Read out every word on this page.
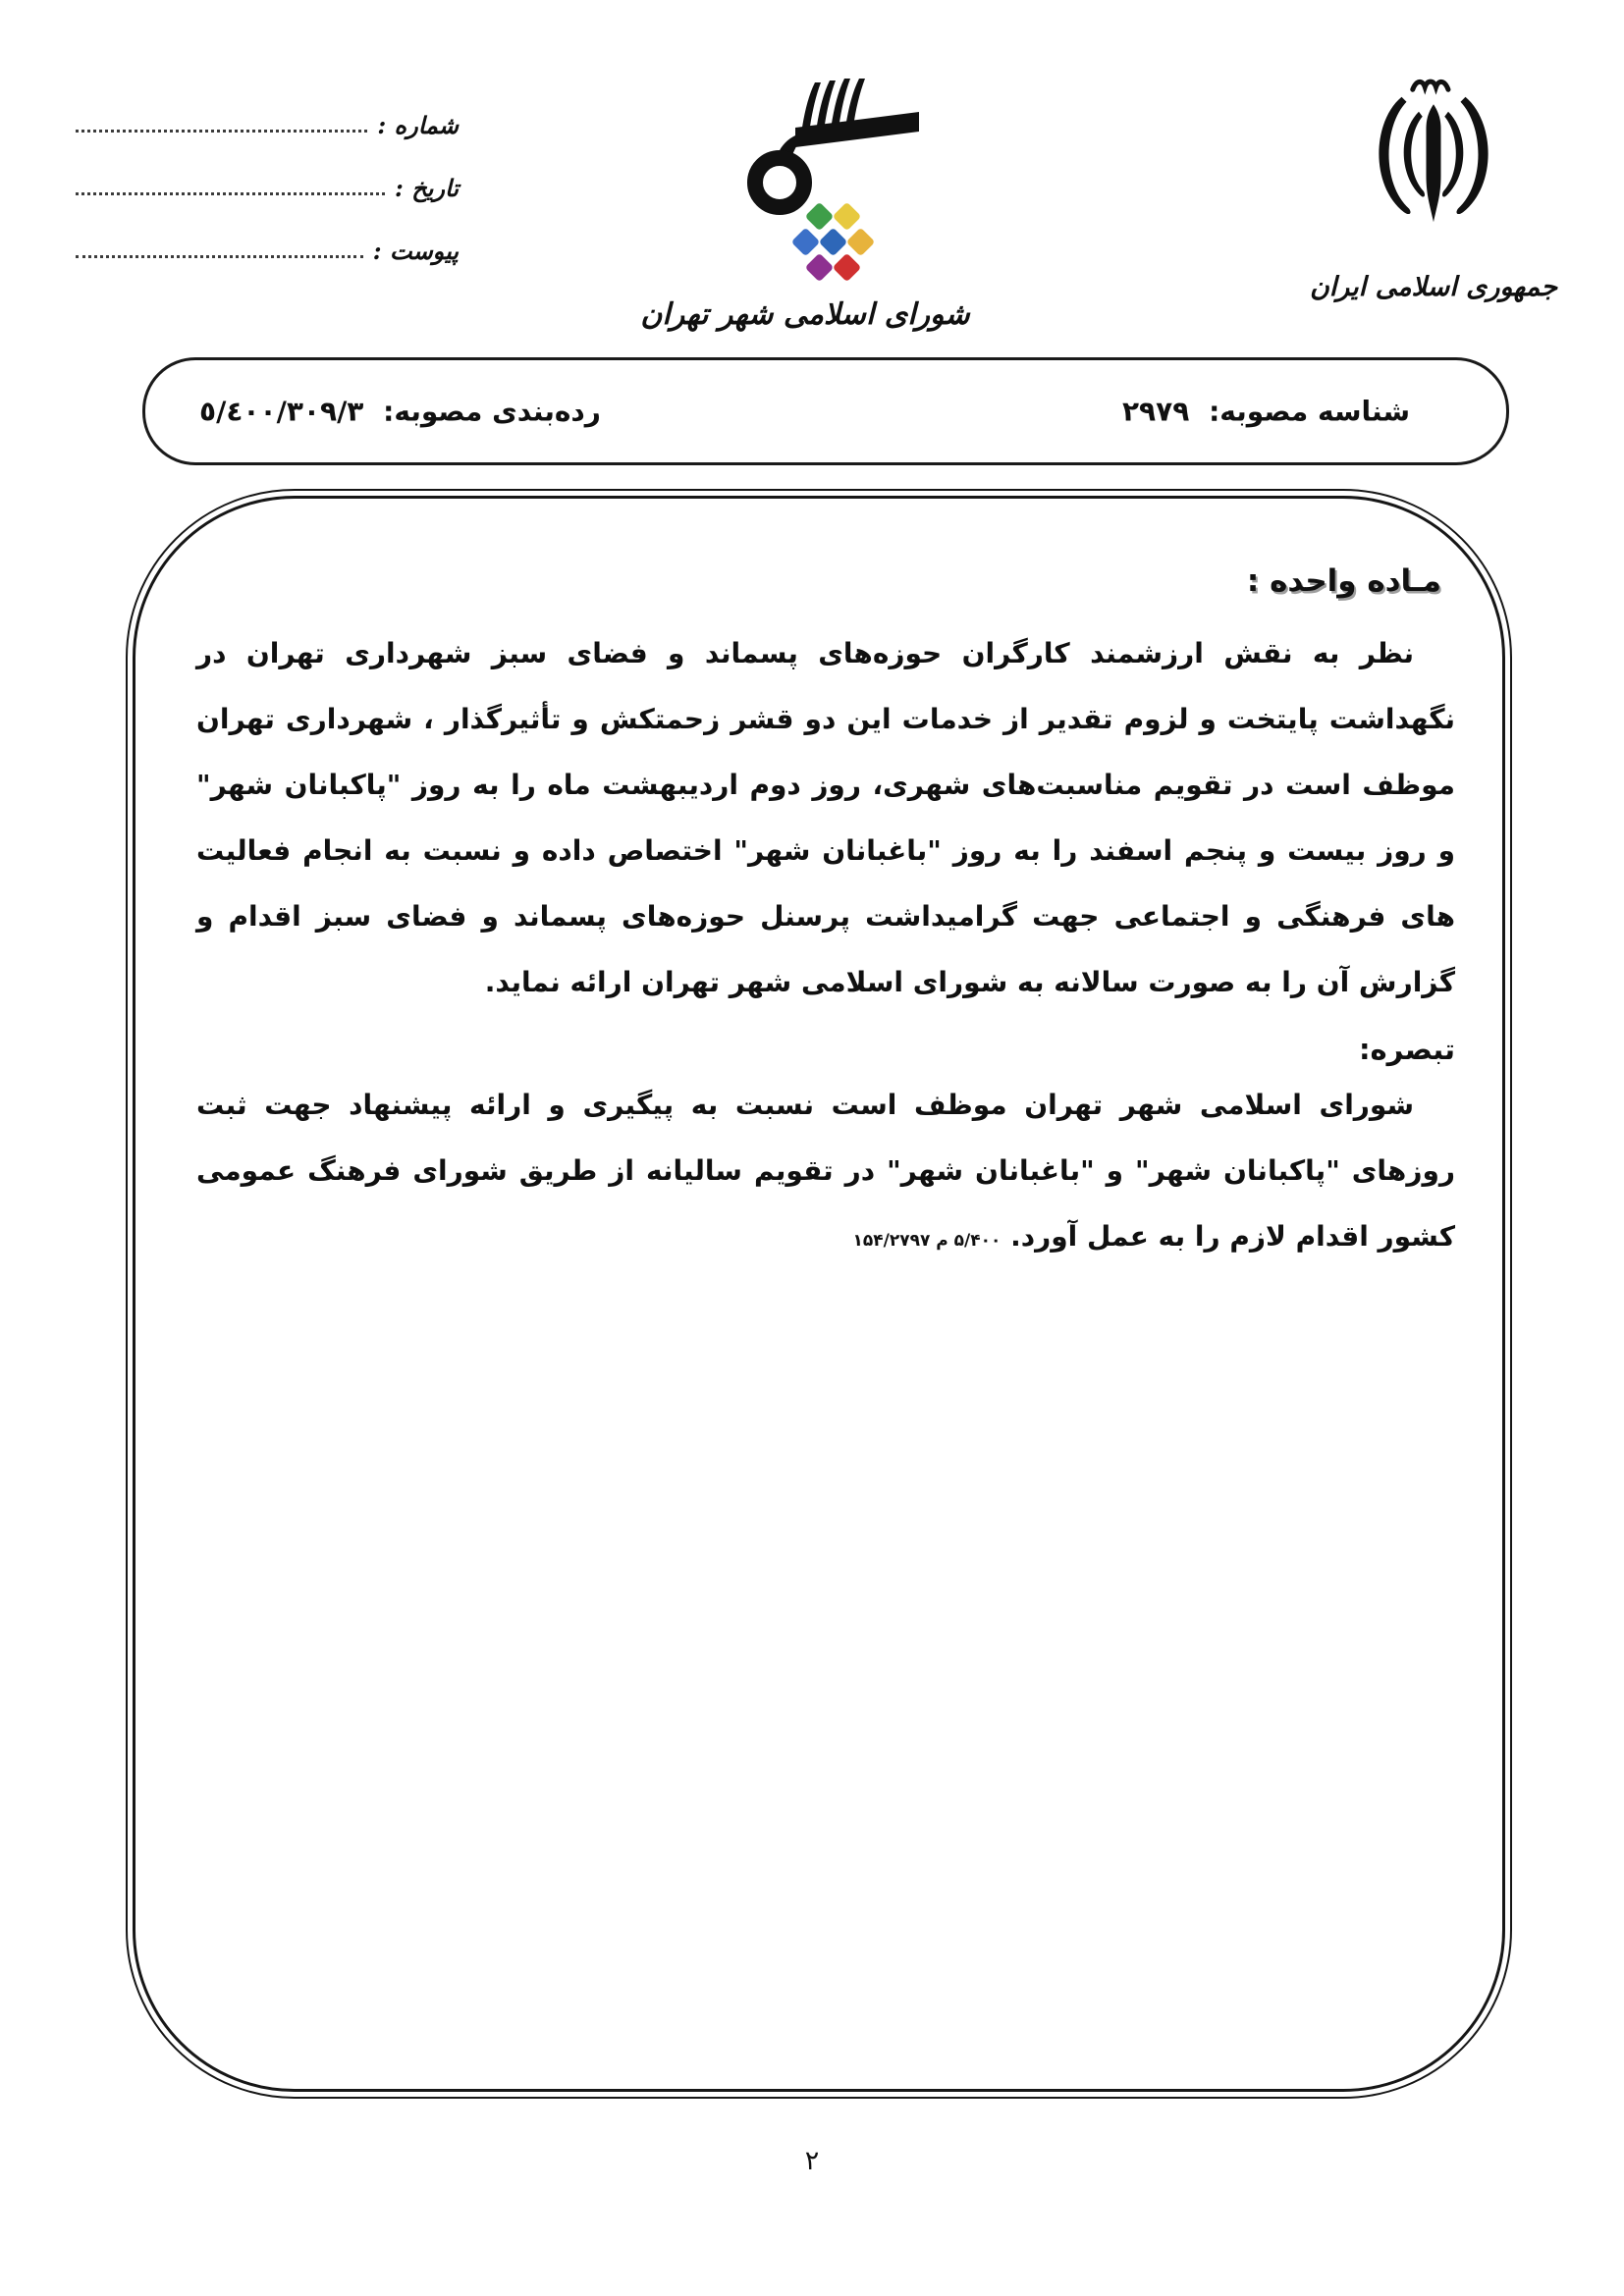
شماره :
تاریخ :
پیوست :
شورای اسلامی شهر تهران
جمهوری اسلامی ایران
شناسه مصوبه: ۲۹۷۹
رده‌بندی مصوبه: ٥/٤٠٠/٣٠٩/٣
مـاده واحده :

نظر به نقش ارزشمند کارگران حوزه‌های پسماند و فضای سبز شهرداری تهران در نگهداشت پایتخت و لزوم تقدیر از خدمات این دو قشر زحمتکش و تأثیرگذار ، شهرداری تهران موظف است در تقویم مناسبت‌های شهری، روز دوم اردیبهشت ماه را به روز "پاکبانان شهر" و روز بیست و پنجم اسفند را به روز "باغبانان شهر" اختصاص داده و نسبت به انجام فعالیت های فرهنگی و اجتماعی جهت گرامیداشت پرسنل حوزه‌های پسماند و فضای سبز اقدام و گزارش آن را به صورت سالانه به شورای اسلامی شهر تهران ارائه نماید.

تبصره:

شورای اسلامی شهر تهران موظف است نسبت به پیگیری و ارائه پیشنهاد جهت ثبت روزهای "پاکبانان شهر" و "باغبانان شهر" در تقویم سالیانه از طریق شورای فرهنگ عمومی کشور اقدام لازم را به عمل آورد. ۵/۴۰۰ م ۱۵۴/۲۷۹۷

۲
